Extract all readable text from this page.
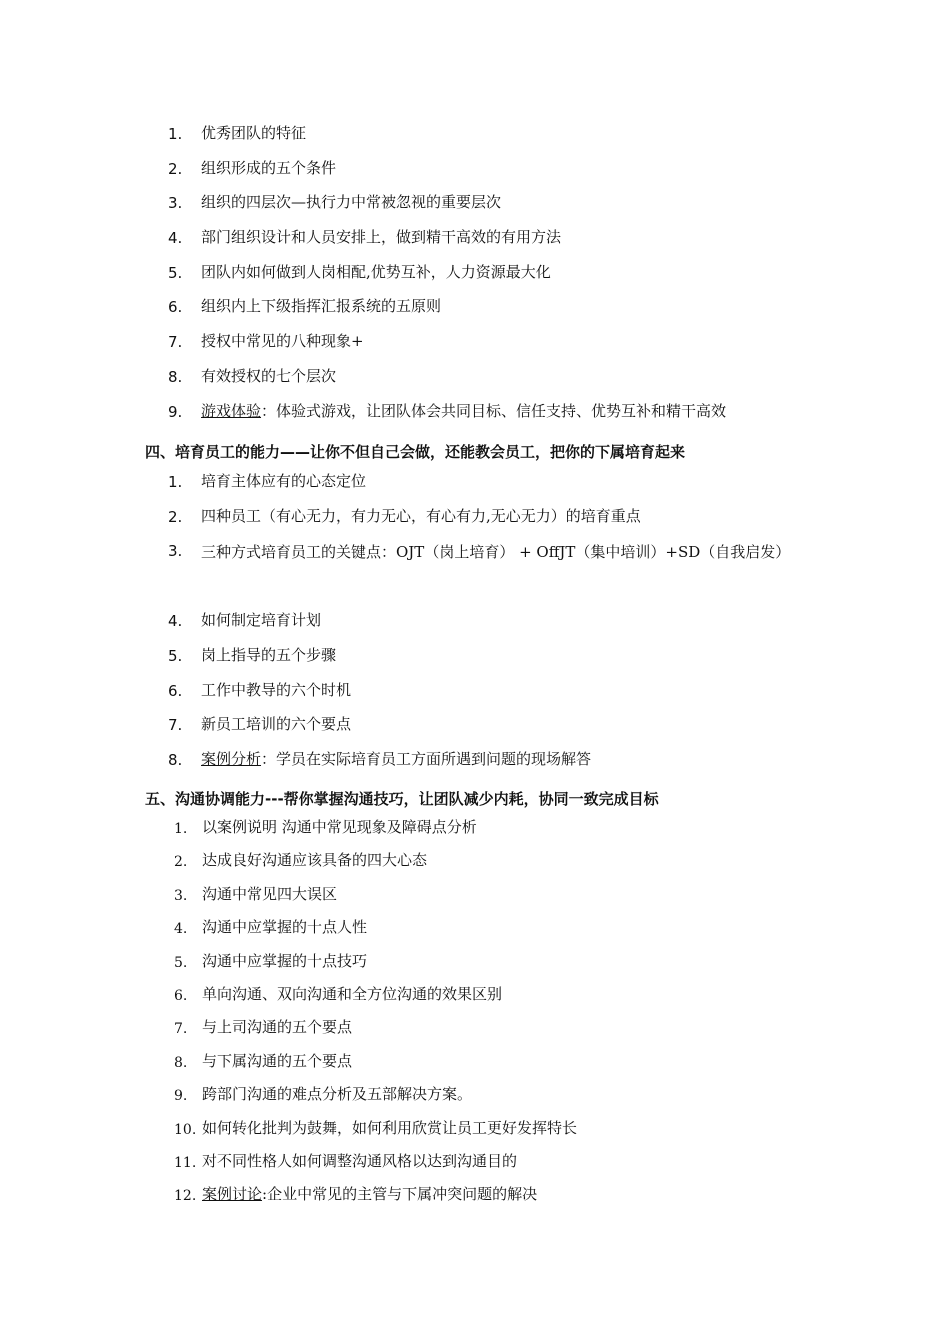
1. 优秀团队的特征
2. 组织形成的五个条件
3. 组织的四层次—执行力中常被忽视的重要层次
4. 部门组织设计和人员安排上，做到精干高效的有用方法
5. 团队内如何做到人岗相配,优势互补，人力资源最大化
6. 组织内上下级指挥汇报系统的五原则
7. 授权中常见的八种现象+
8. 有效授权的七个层次
9. 游戏体验：体验式游戏，让团队体会共同目标、信任支持、优势互补和精干高效
四、培育员工的能力——让你不但自己会做，还能教会员工，把你的下属培育起来
1. 培育主体应有的心态定位
2. 四种员工（有心无力，有力无心，有心有力,无心无力）的培育重点
3. 三种方式培育员工的关键点：OJT（岗上培育） + OffJT（集中培训）+SD（自我启发）
4. 如何制定培育计划
5. 岗上指导的五个步骤
6. 工作中教导的六个时机
7. 新员工培训的六个要点
8. 案例分析：学员在实际培育员工方面所遇到问题的现场解答
五、沟通协调能力---帮你掌握沟通技巧，让团队减少内耗，协同一致完成目标
1. 以案例说明 沟通中常见现象及障碍点分析
2. 达成良好沟通应该具备的四大心态
3. 沟通中常见四大误区
4. 沟通中应掌握的十点人性
5. 沟通中应掌握的十点技巧
6. 单向沟通、双向沟通和全方位沟通的效果区别
7. 与上司沟通的五个要点
8. 与下属沟通的五个要点
9. 跨部门沟通的难点分析及五部解决方案。
10. 如何转化批判为鼓舞，如何利用欣赏让员工更好发挥特长
11. 对不同性格人如何调整沟通风格以达到沟通目的
12. 案例讨论:企业中常见的主管与下属冲突问题的解决
